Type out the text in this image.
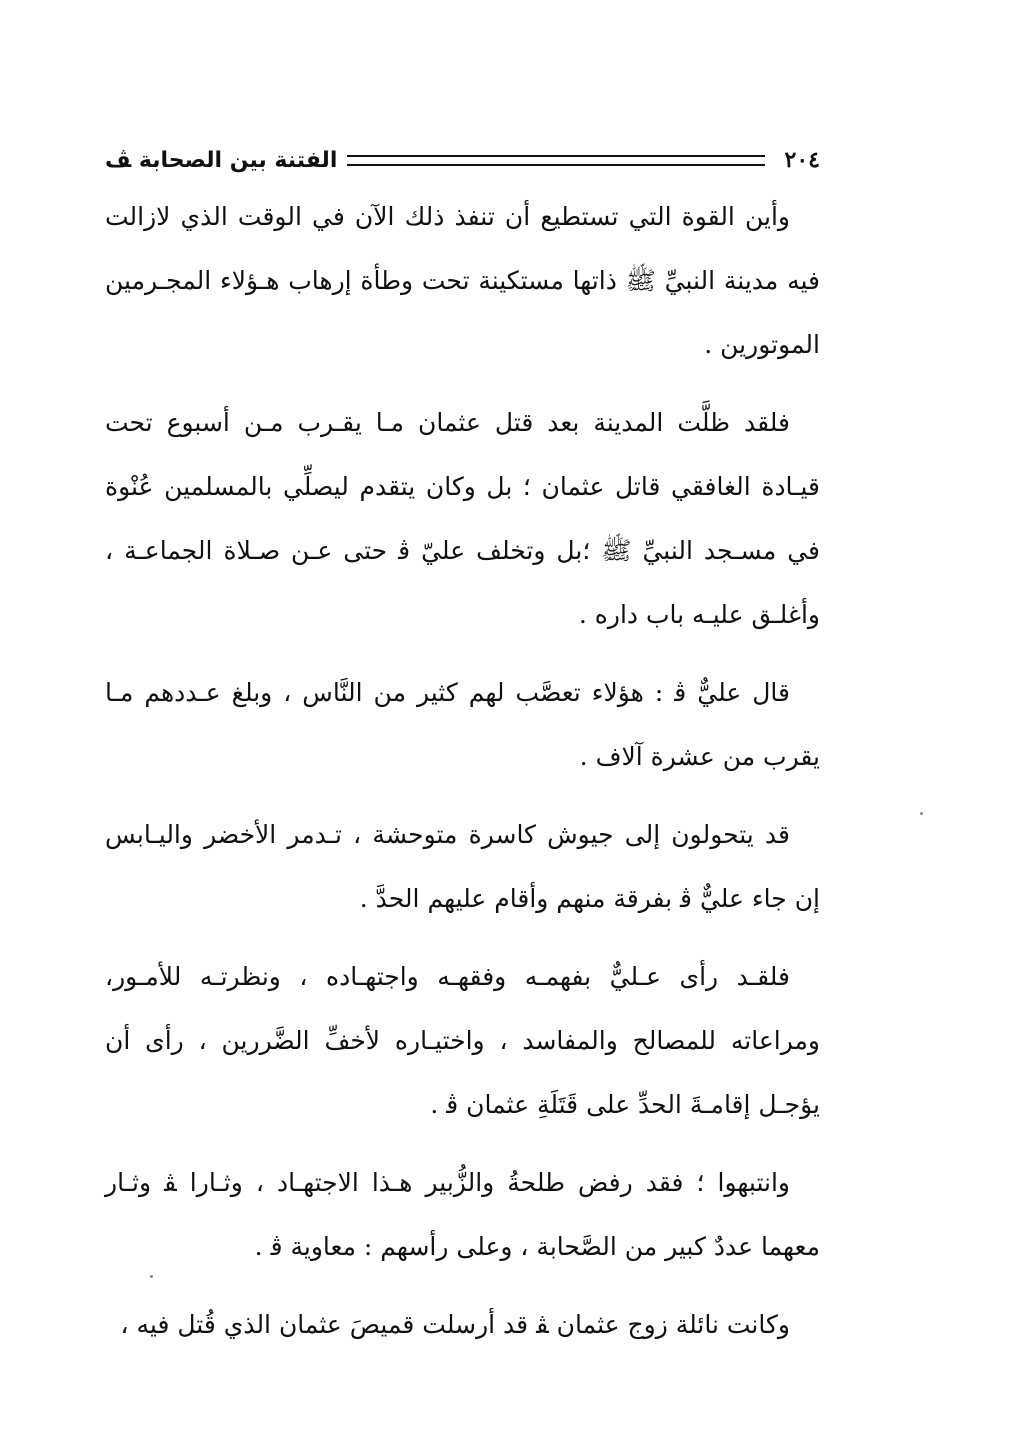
٢٠٤
الفتنة بين الصحابة ﭫ

وأين القوة التي تستطيع أن تنفذ ذلك الآن في الوقت الذي لازالت فيه مدينة النبيِّ ﷺ ذاتها مستكينة تحت وطأة إرهاب هـؤلاء المجـرمين الموتورين .

فلقد ظلَّت المدينة بعد قتل عثمان مـا يقـرب مـن أسبوع تحت قيـادة الغافقي قاتل عثمان ؛ بل وكان يتقدم ليصلِّي بالمسلمين عُنْوة في مسـجد النبيِّ ﷺ ؛بل وتخلف عليّ ﭬ حتى عـن صـلاة الجماعـة ، وأغلـق عليـه باب داره .

قال عليٌّ ﭬ : هؤلاء تعصَّب لهم كثير من النَّاس ، وبلغ عـددهم مـا يقرب من عشرة آلاف .

قد يتحولون إلى جيوش كاسرة متوحشة ، تـدمر الأخضر واليـابس إن جاء عليٌّ ﭬ بفرقة منهم وأقام عليهم الحدَّ .

فلقـد رأى عـليٌّ بفهمـه وفقهـه واجتهـاده ، ونظرتـه للأمـور، ومراعاته للمصالح والمفاسد ، واختيـاره لأخفِّ الضَّررين ، رأى أن يؤجـل إقامـةَ الحدِّ على قَتَلَةِ عثمان ﭬ .

وانتبهوا ؛ فقد رفض طلحةُ والزُّبير هـذا الاجتهـاد ، وثـارا ﭭ وثـار معهما عددٌ كبير من الصَّحابة ، وعلى رأسهم : معاوية ﭬ .

وكانت نائلة زوج عثمان ﭭ قد أرسلت قميصَ عثمان الذي قُتل فيه ،
